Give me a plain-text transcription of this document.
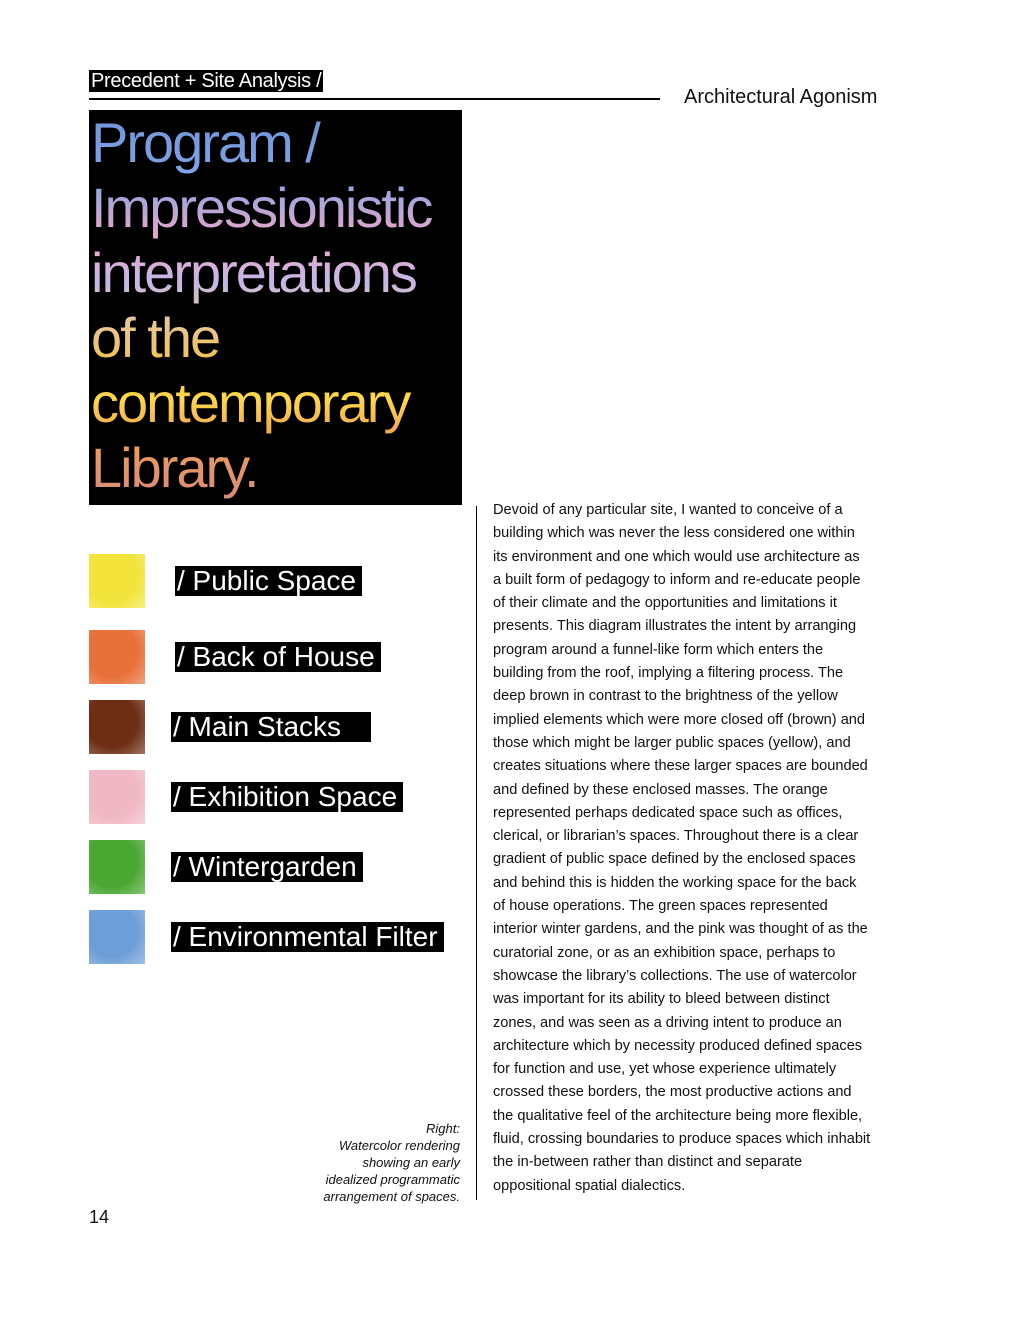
Precedent + Site Analysis /
Architectural Agonism
Program /
Impressionistic
interpretations
of the
contemporary
Library.
/ Public Space
/ Back of House
/ Main Stacks
/ Exhibition Space
/ Wintergarden
/ Environmental Filter
Right:
Watercolor rendering
showing an early
idealized programmatic
arrangement of spaces.

Devoid of any particular site, I wanted to conceive of a building which was never the less considered one within its environment and one which would use architecture as a built form of pedagogy to inform and re-educate people of their climate and the opportunities and limitations it presents. This diagram illustrates the intent by arranging program around a funnel-like form which enters the building from the roof, implying a filtering process. The deep brown in contrast to the brightness of the yellow implied elements which were more closed off (brown) and those which might be larger public spaces (yellow), and creates situations where these larger spaces are bounded and defined by these enclosed masses. The orange represented perhaps dedicated space such as offices, clerical, or librarian’s spaces. Throughout there is a clear gradient of public space defined by the enclosed spaces and behind this is hidden the working space for the back of house operations. The green spaces represented interior winter gardens, and the pink was thought of as the curatorial zone, or as an exhibition space, perhaps to showcase the library’s collections. The use of watercolor was important for its ability to bleed between distinct zones, and was seen as a driving intent to produce an architecture which by necessity produced defined spaces for function and use, yet whose experience ultimately crossed these borders, the most productive actions and the qualitative feel of the architecture being more flexible, fluid, crossing boundaries to produce spaces which inhabit the in-between rather than distinct and separate oppositional spatial dialectics.

14
